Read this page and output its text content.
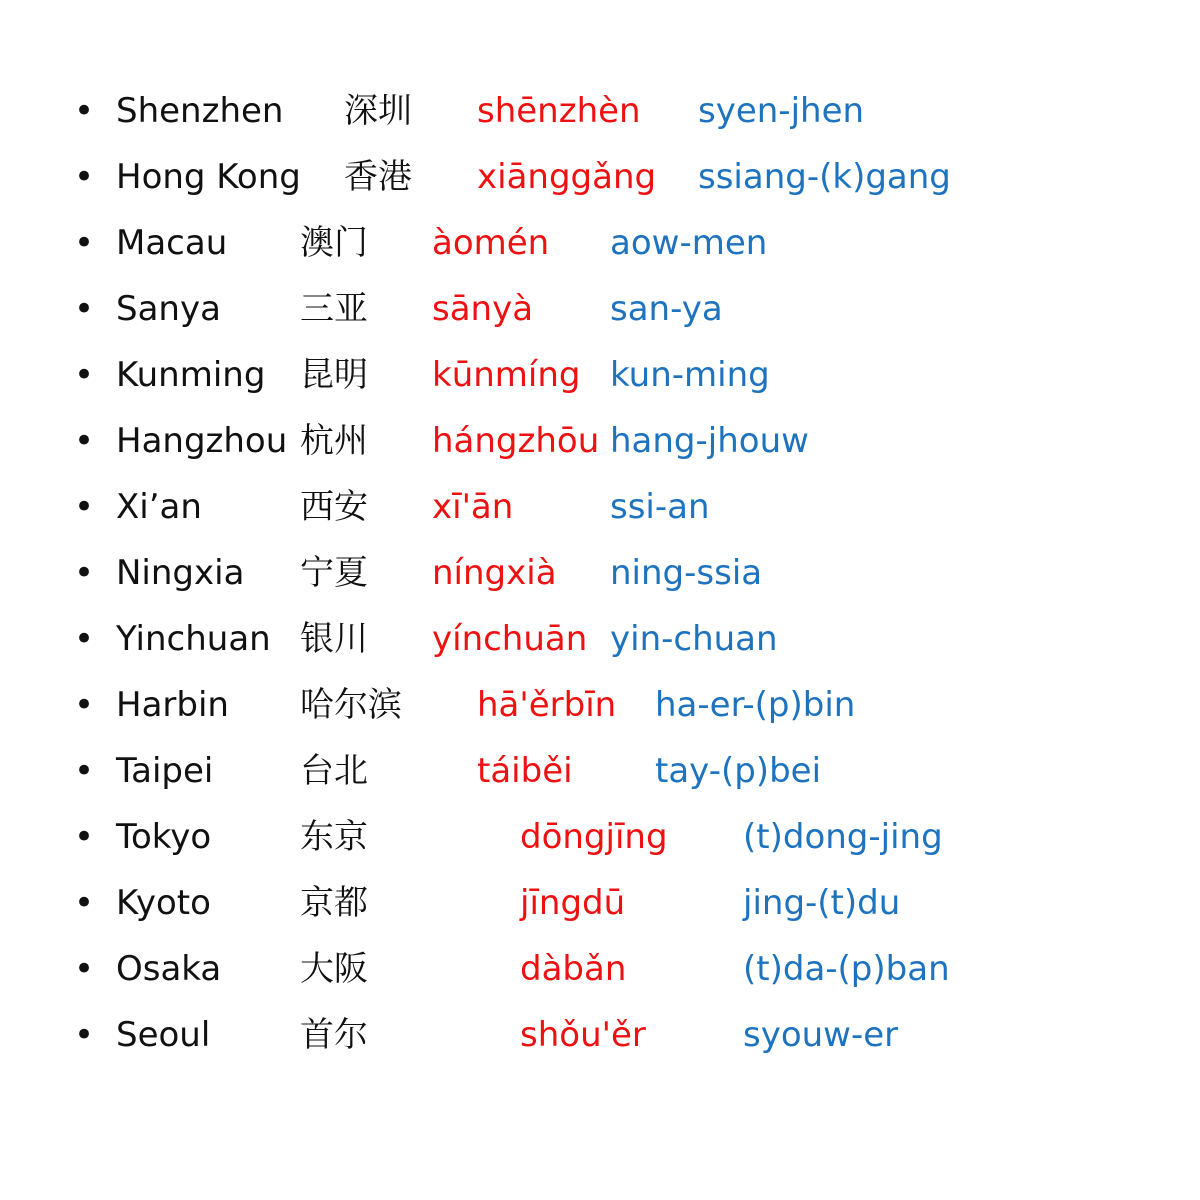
• Shenzhen 深圳 shēnzhèn syen-jhen
• Hong Kong 香港 xiānggǎng ssiang-(k)gang
• Macau 澳门 àomén aow-men
• Sanya 三亚 sānyà san-ya
• Kunming 昆明 kūnmíng kun-ming
• Hangzhou 杭州 hángzhōu hang-jhouw
• Xi’an	西安 xī'ān	ssi-an
• Ningxia 宁夏 níngxià ning-ssia
• Yinchuan 银川 yínchuān yin-chuan
• Harbin 哈尔滨 hā'ěrbīn ha-er-(p)bin
• Taipei	台北	táiběi tay-(p)bei
• Tokyo	东京	dōngjīng (t)dong-jing
• Kyoto	京都	jīngdū	jing-(t)du
• Osaka 大阪	dàbǎn	(t)da-(p)ban
• Seoul	首尔	shǒu'ěr	syouw-er
